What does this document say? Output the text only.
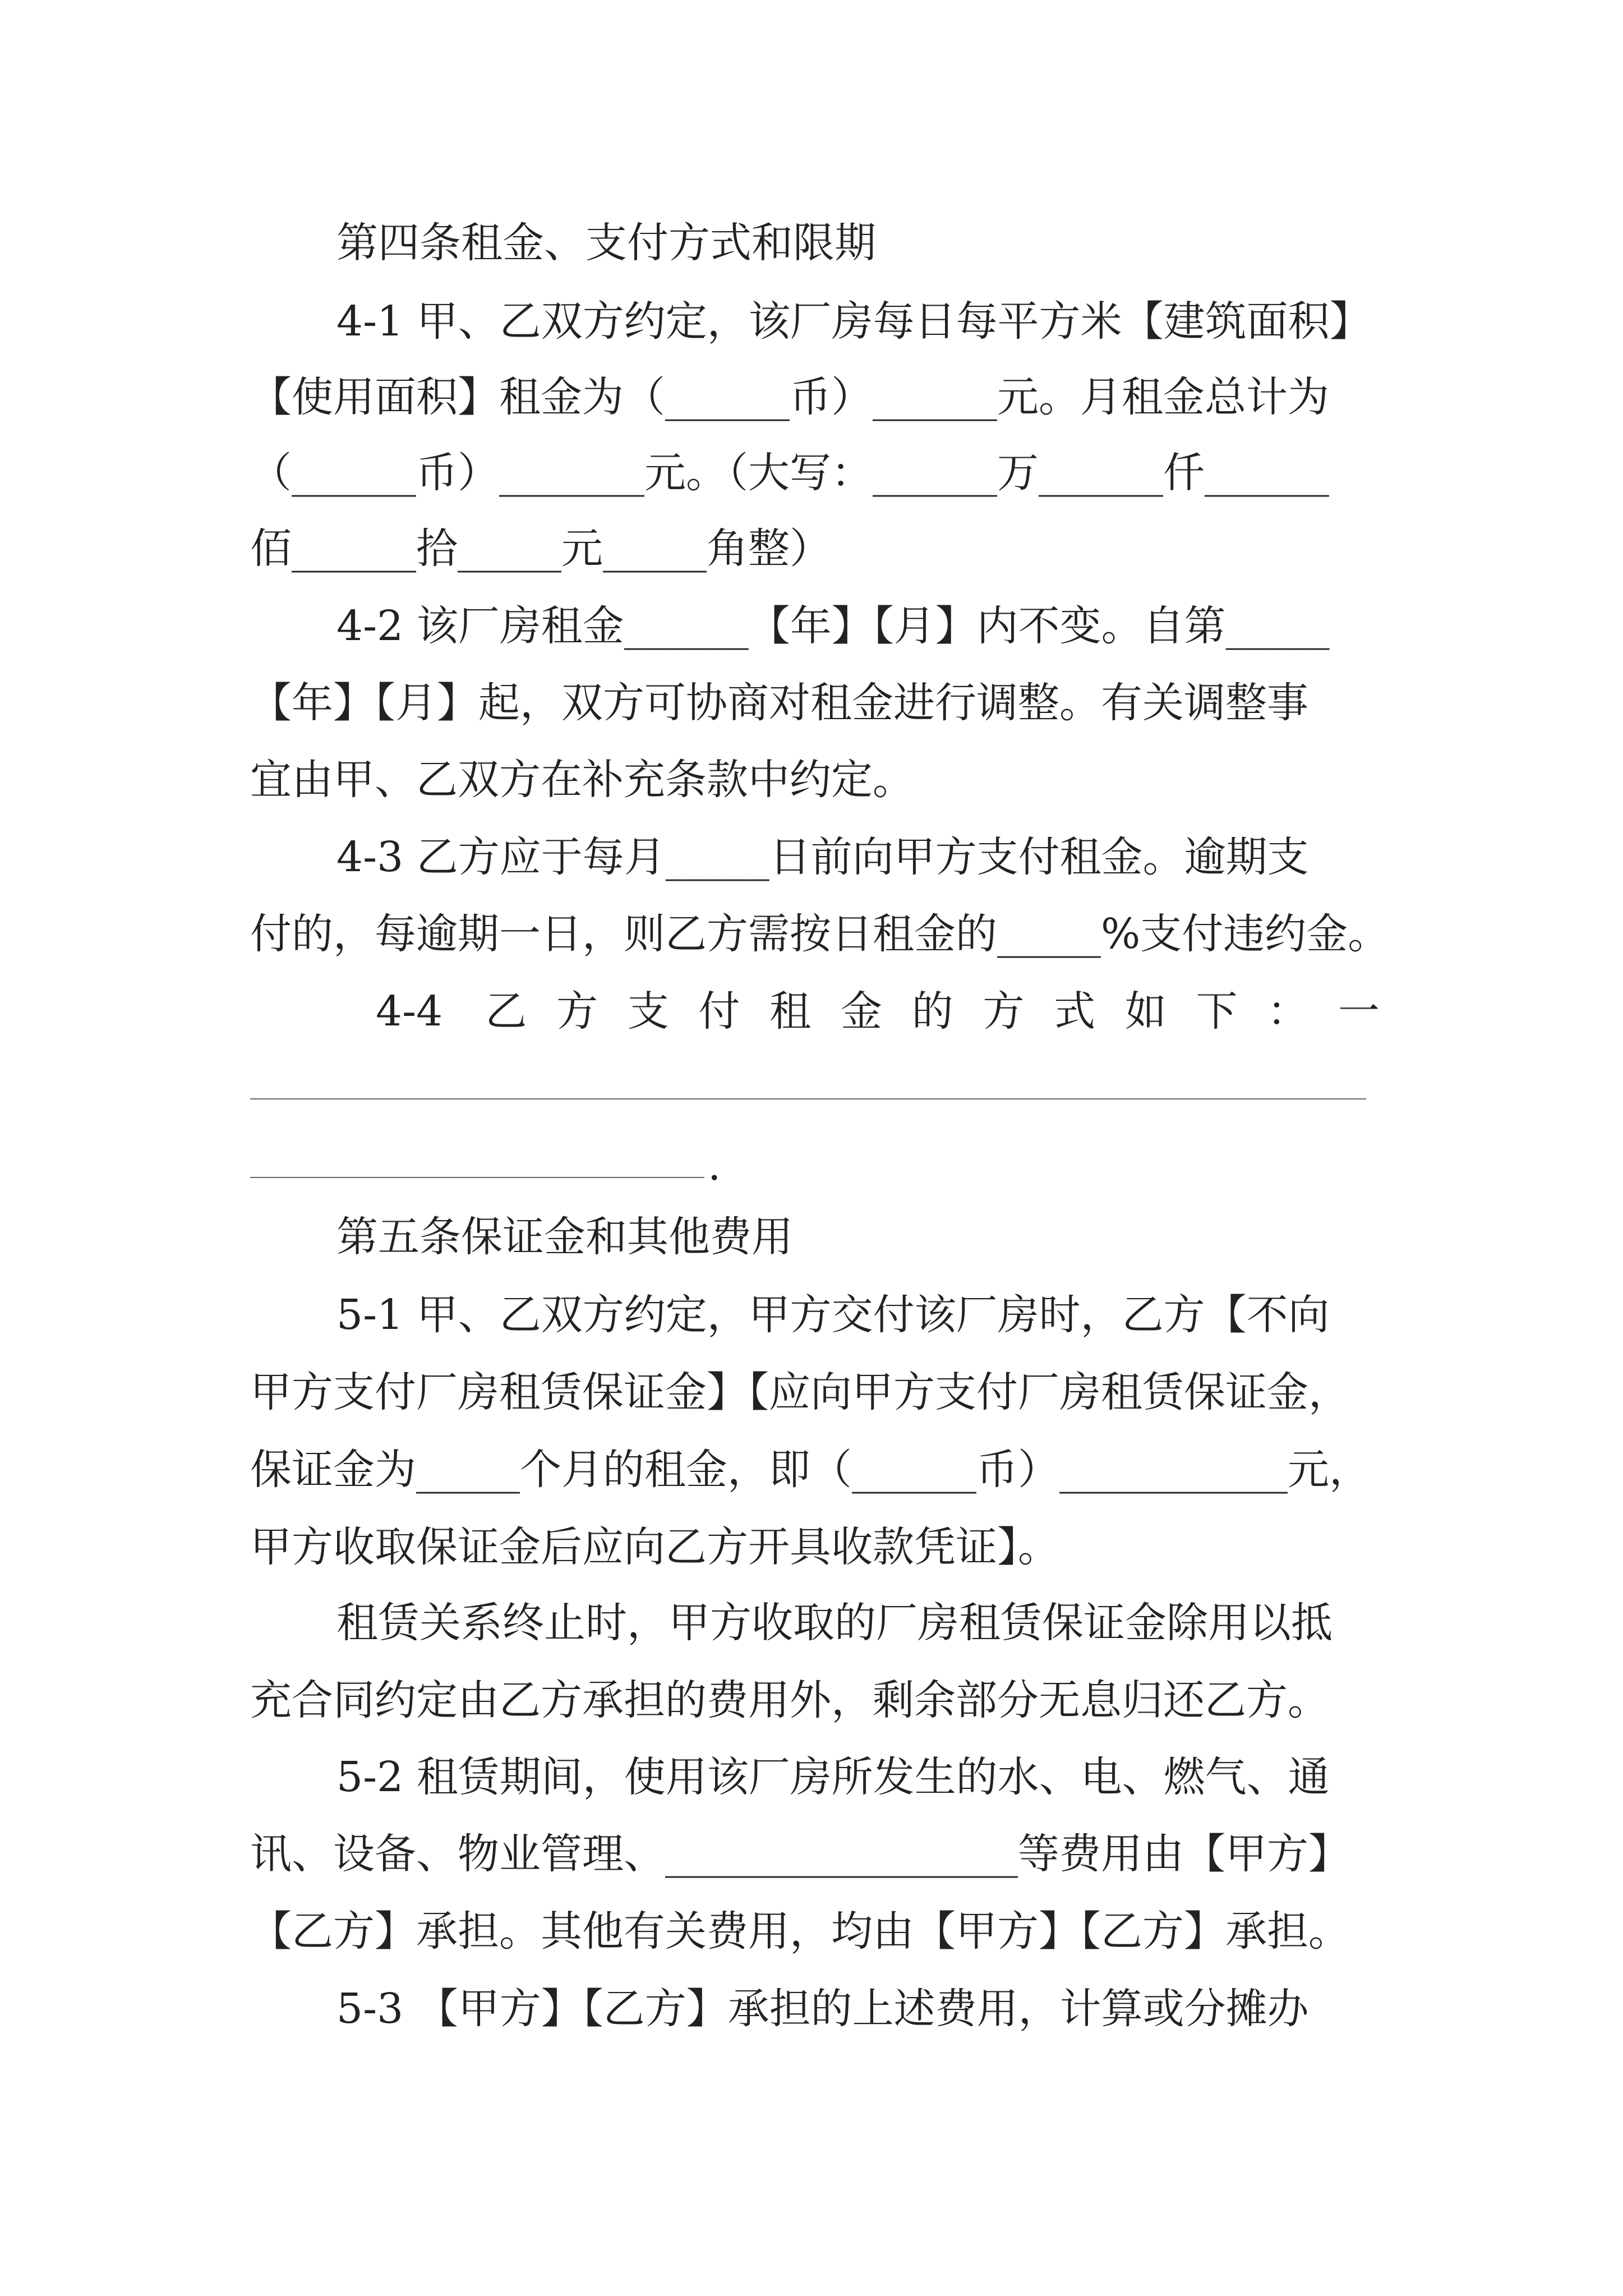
第四条租金、支付方式和限期
4-1 甲、乙双方约定，该厂房每日每平方米【建筑面积】
【使用面积】租金为（______币）______元。月租金总计为
（______币）_______元。（大写：______万______仟______
佰______拾_____元_____角整）
4-2 该厂房租金______【年】【月】内不变。自第_____
【年】【月】起，双方可协商对租金进行调整。有关调整事
宜由甲、乙双方在补充条款中约定。
4-3 乙方应于每月_____日前向甲方支付租金。逾期支
付的，每逾期一日，则乙方需按日租金的_____%支付违约金。
4-4 乙方支付租金的方式如下：一
.
第五条保证金和其他费用
5-1 甲、乙双方约定，甲方交付该厂房时，乙方【不向
甲方支付厂房租赁保证金】【应向甲方支付厂房租赁保证金，
保证金为_____个月的租金，即（______币）___________元，
甲方收取保证金后应向乙方开具收款凭证】。
租赁关系终止时，甲方收取的厂房租赁保证金除用以抵
充合同约定由乙方承担的费用外，剩余部分无息归还乙方。
5-2 租赁期间，使用该厂房所发生的水、电、燃气、通
讯、设备、物业管理、_________________等费用由【甲方】
【乙方】承担。其他有关费用，均由【甲方】【乙方】承担。
5-3 【甲方】【乙方】承担的上述费用，计算或分摊办
